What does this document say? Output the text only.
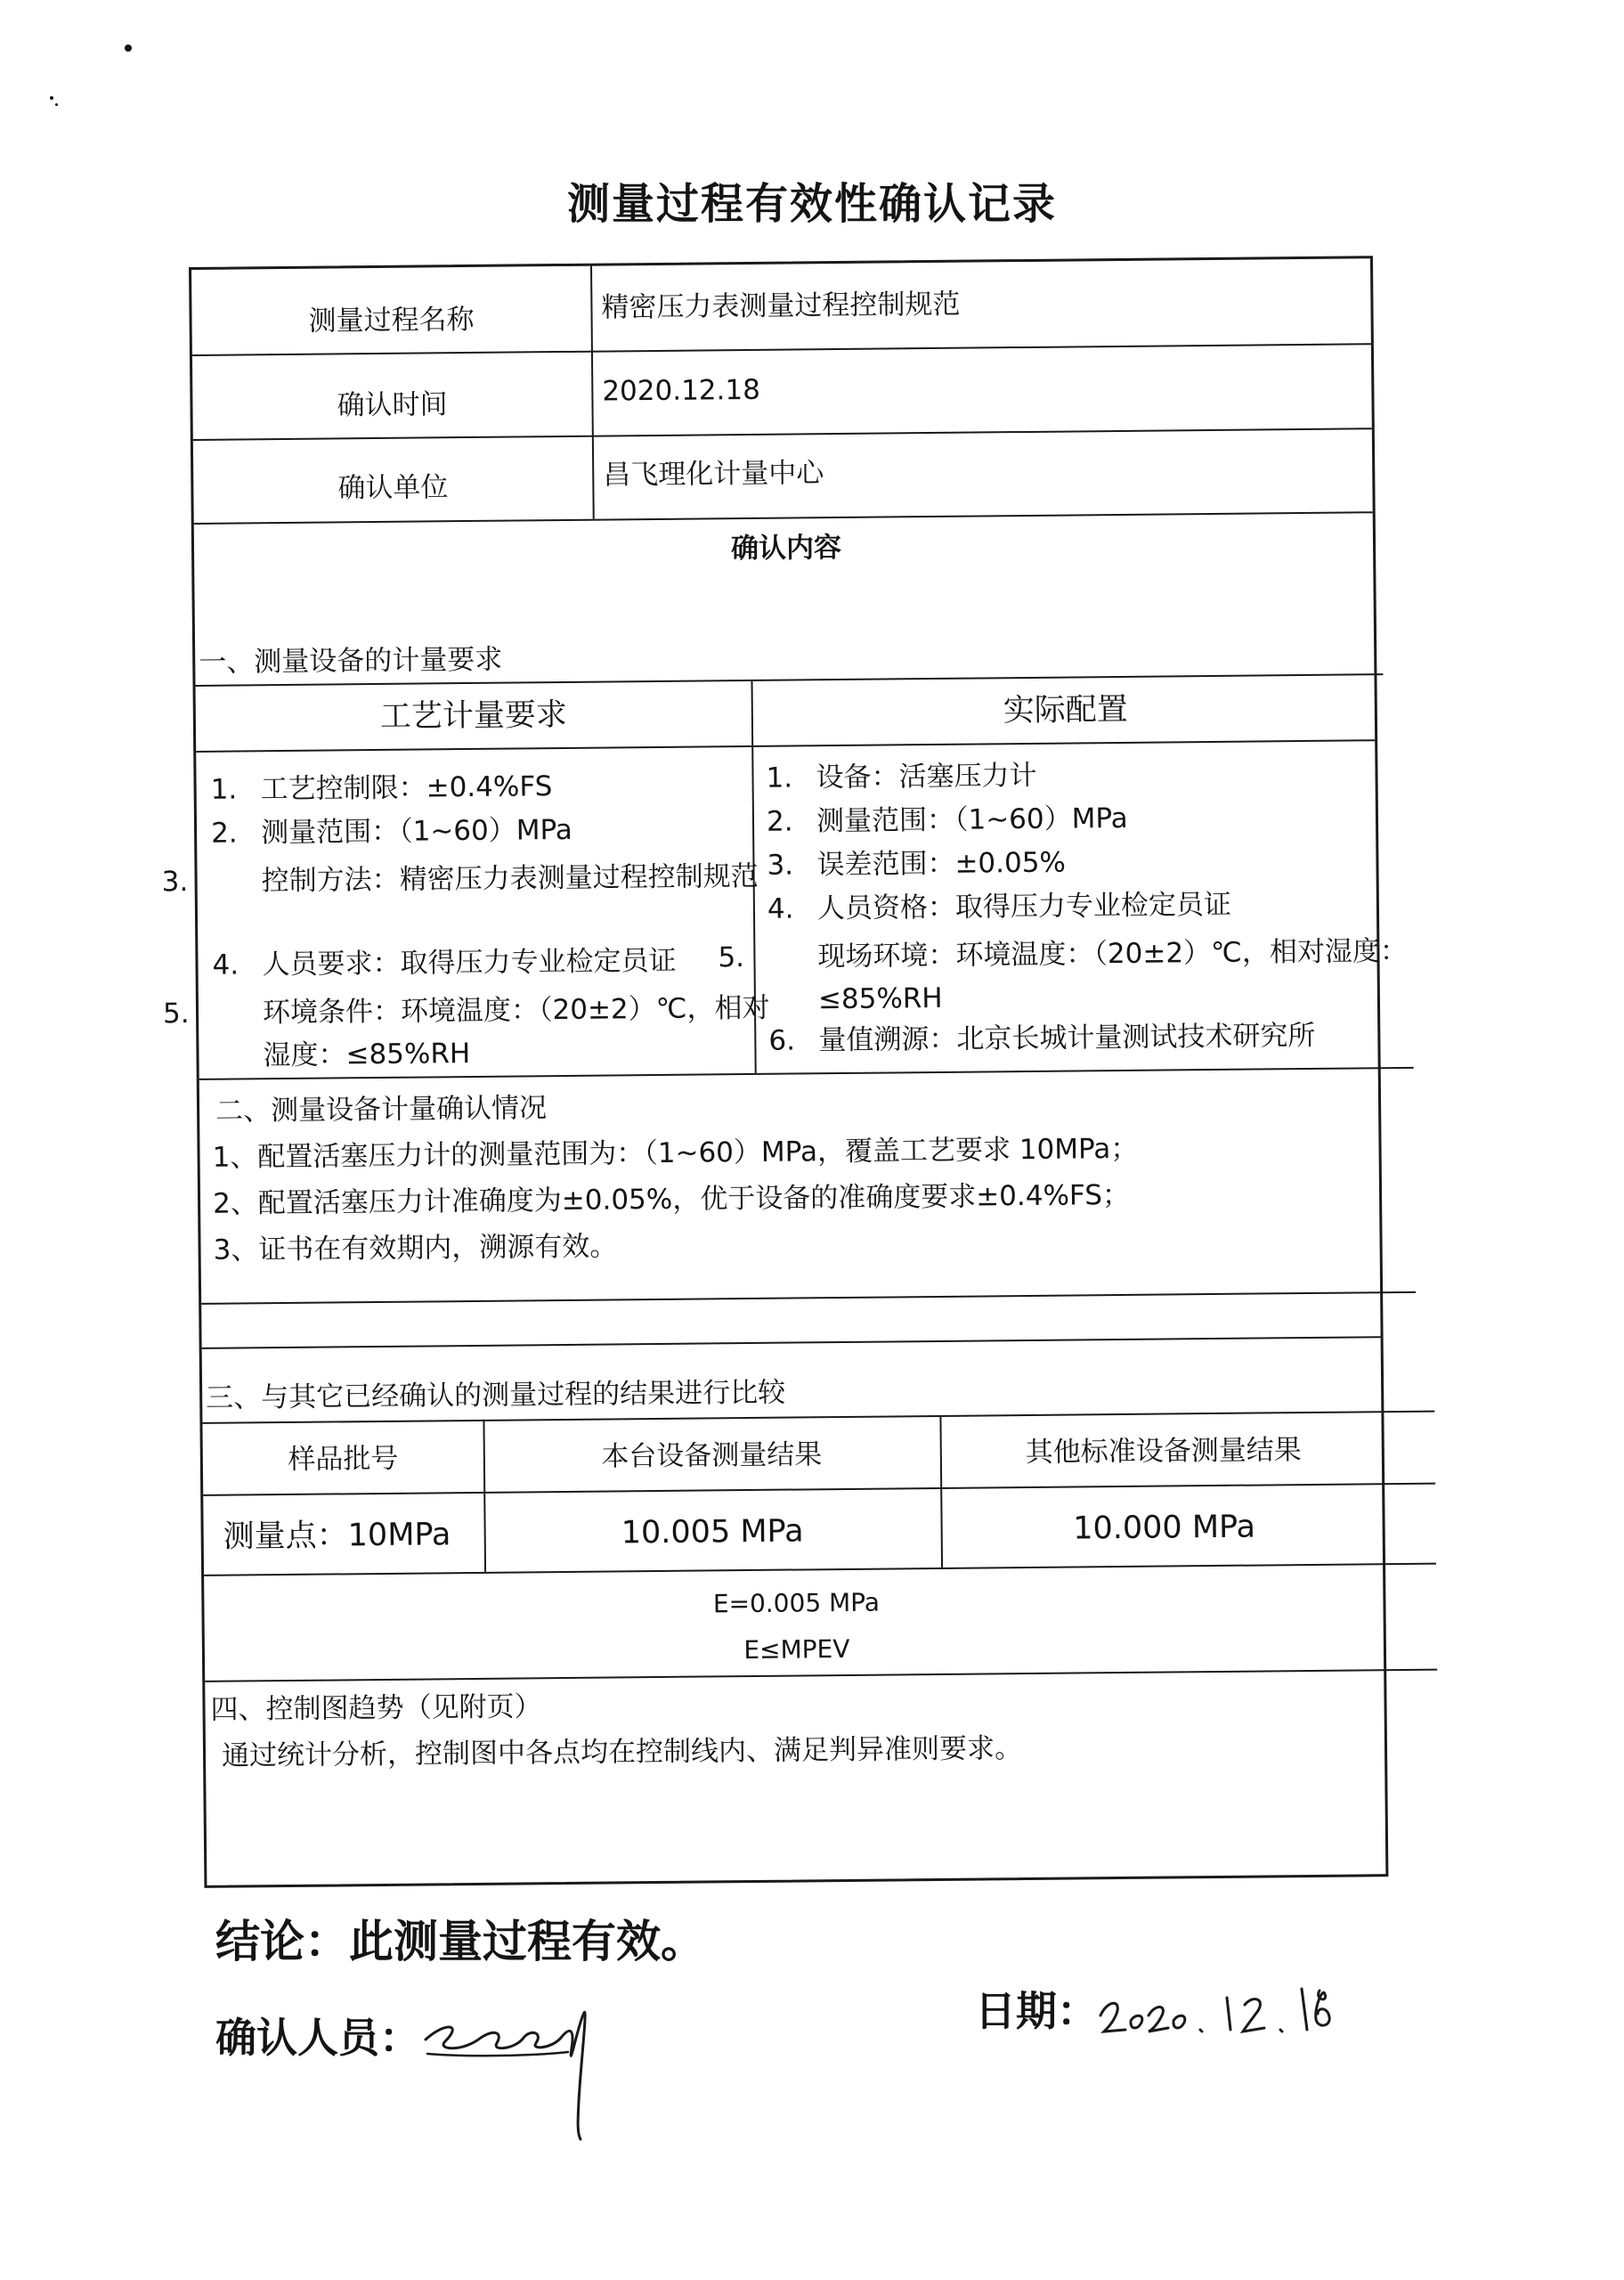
测量过程有效性确认记录
测量过程名称	精密压力表测量过程控制规范
确认时间	2020.12.18
确认单位	昌飞理化计量中心
确认内容
一、测量设备的计量要求
工艺计量要求	实际配置
1. 工艺控制限：±0.4%FS
2. 测量范围：（1~60）MPa
3.	控制方法：精密压力表测量过程控制规范
4. 人员要求：取得压力专业检定员证
5.	环境条件：环境温度：（20±2）℃，相对湿度：≤85%RH
1. 设备：活塞压力计
2. 测量范围：（1~60）MPa
3. 误差范围：±0.05%
4. 人员资格：取得压力专业检定员证
5.	现场环境：环境温度：（20±2）℃，相对湿度：≤85%RH
6. 量值溯源：北京长城计量测试技术研究所
二、测量设备计量确认情况
1、配置活塞压力计的测量范围为：（1~60）MPa，覆盖工艺要求 10MPa；
2、配置活塞压力计准确度为±0.05%，优于设备的准确度要求±0.4%FS；
3、证书在有效期内，溯源有效。
三、与其它已经确认的测量过程的结果进行比较
样品批号	本台设备测量结果	其他标准设备测量结果
测量点：10MPa	10.005 MPa	10.000 MPa
E=0.005 MPa
E≤MPEV
四、控制图趋势（见附页）
通过统计分析，控制图中各点均在控制线内、满足判异准则要求。
结论：此测量过程有效。
确认人员：
日期：
